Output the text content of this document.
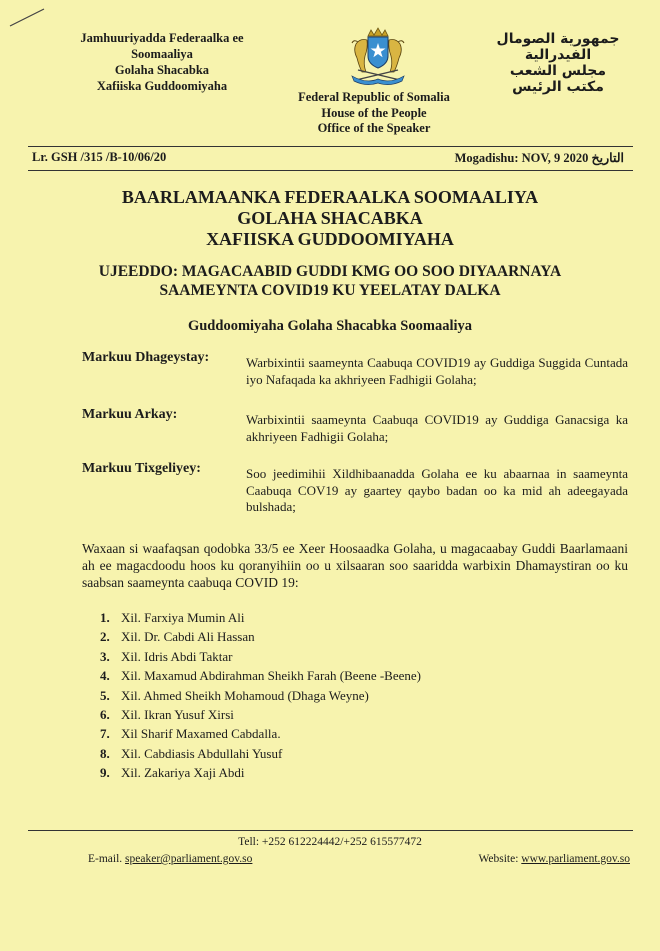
Jamhuuriyadda Federaalka ee Soomaaliya
Golaha Shacabka
Xafiiska Guddoomiyaha
جمهورية الصومال الفيدرالية
مجلس الشعب
مكتب الرئيس
Federal Republic of Somalia
House of the People
Office of the Speaker
Lr. GSH /315 /B-10/06/20	Mogadishu: NOV, 9 2020 التاريخ
BAARLAMAANKA FEDERAALKA SOOMAALIYA
GOLAHA SHACABKA
XAFIISKA GUDDOOMIYAHA
UJEEDDO: MAGACAABID GUDDI KMG OO SOO DIYAARNAYA
SAAMEYNTA COVID19 KU YEELATAY DALKA
Guddoomiyaha Golaha Shacabka Soomaaliya
Markuu Dhageystay:	Warbixintii saameynta Caabuqa COVID19 ay Guddiga Suggida Cuntada iyo Nafaqada ka akhriyeen Fadhigii Golaha;
Markuu Arkay:	Warbixintii saameynta Caabuqa COVID19 ay Guddiga Ganacsiga ka akhriyeen Fadhigii Golaha;
Markuu Tixgeliyey:	Soo jeedimihii Xildhibaanadda Golaha ee ku abaarnaa in saameynta Caabuqa COV19 ay gaartey qaybo badan oo ka mid ah adeegayada bulshada;
Waxaan si waafaqsan qodobka 33/5 ee Xeer Hoosaadka Golaha, u magacaabay Guddi Baarlamaani ah ee magacdoodu hoos ku qoranyihiin oo u xilsaaran soo saaridda warbixin Dhamaystiran oo ku saabsan saameynta caabuqa COVID 19:
1. Xil. Farxiya Mumin Ali
2. Xil. Dr. Cabdi Ali Hassan
3. Xil. Idris Abdi Taktar
4. Xil. Maxamud Abdirahman Sheikh Farah (Beene -Beene)
5. Xil. Ahmed Sheikh Mohamoud (Dhaga Weyne)
6. Xil. Ikran Yusuf Xirsi
7. Xil Sharif Maxamed Cabdalla.
8. Xil. Cabdiasis Abdullahi Yusuf
9. Xil. Zakariya Xaji Abdi
Tell: +252 612224442/+252 615577472
E-mail. speaker@parliament.gov.so	Website: www.parliament.gov.so
